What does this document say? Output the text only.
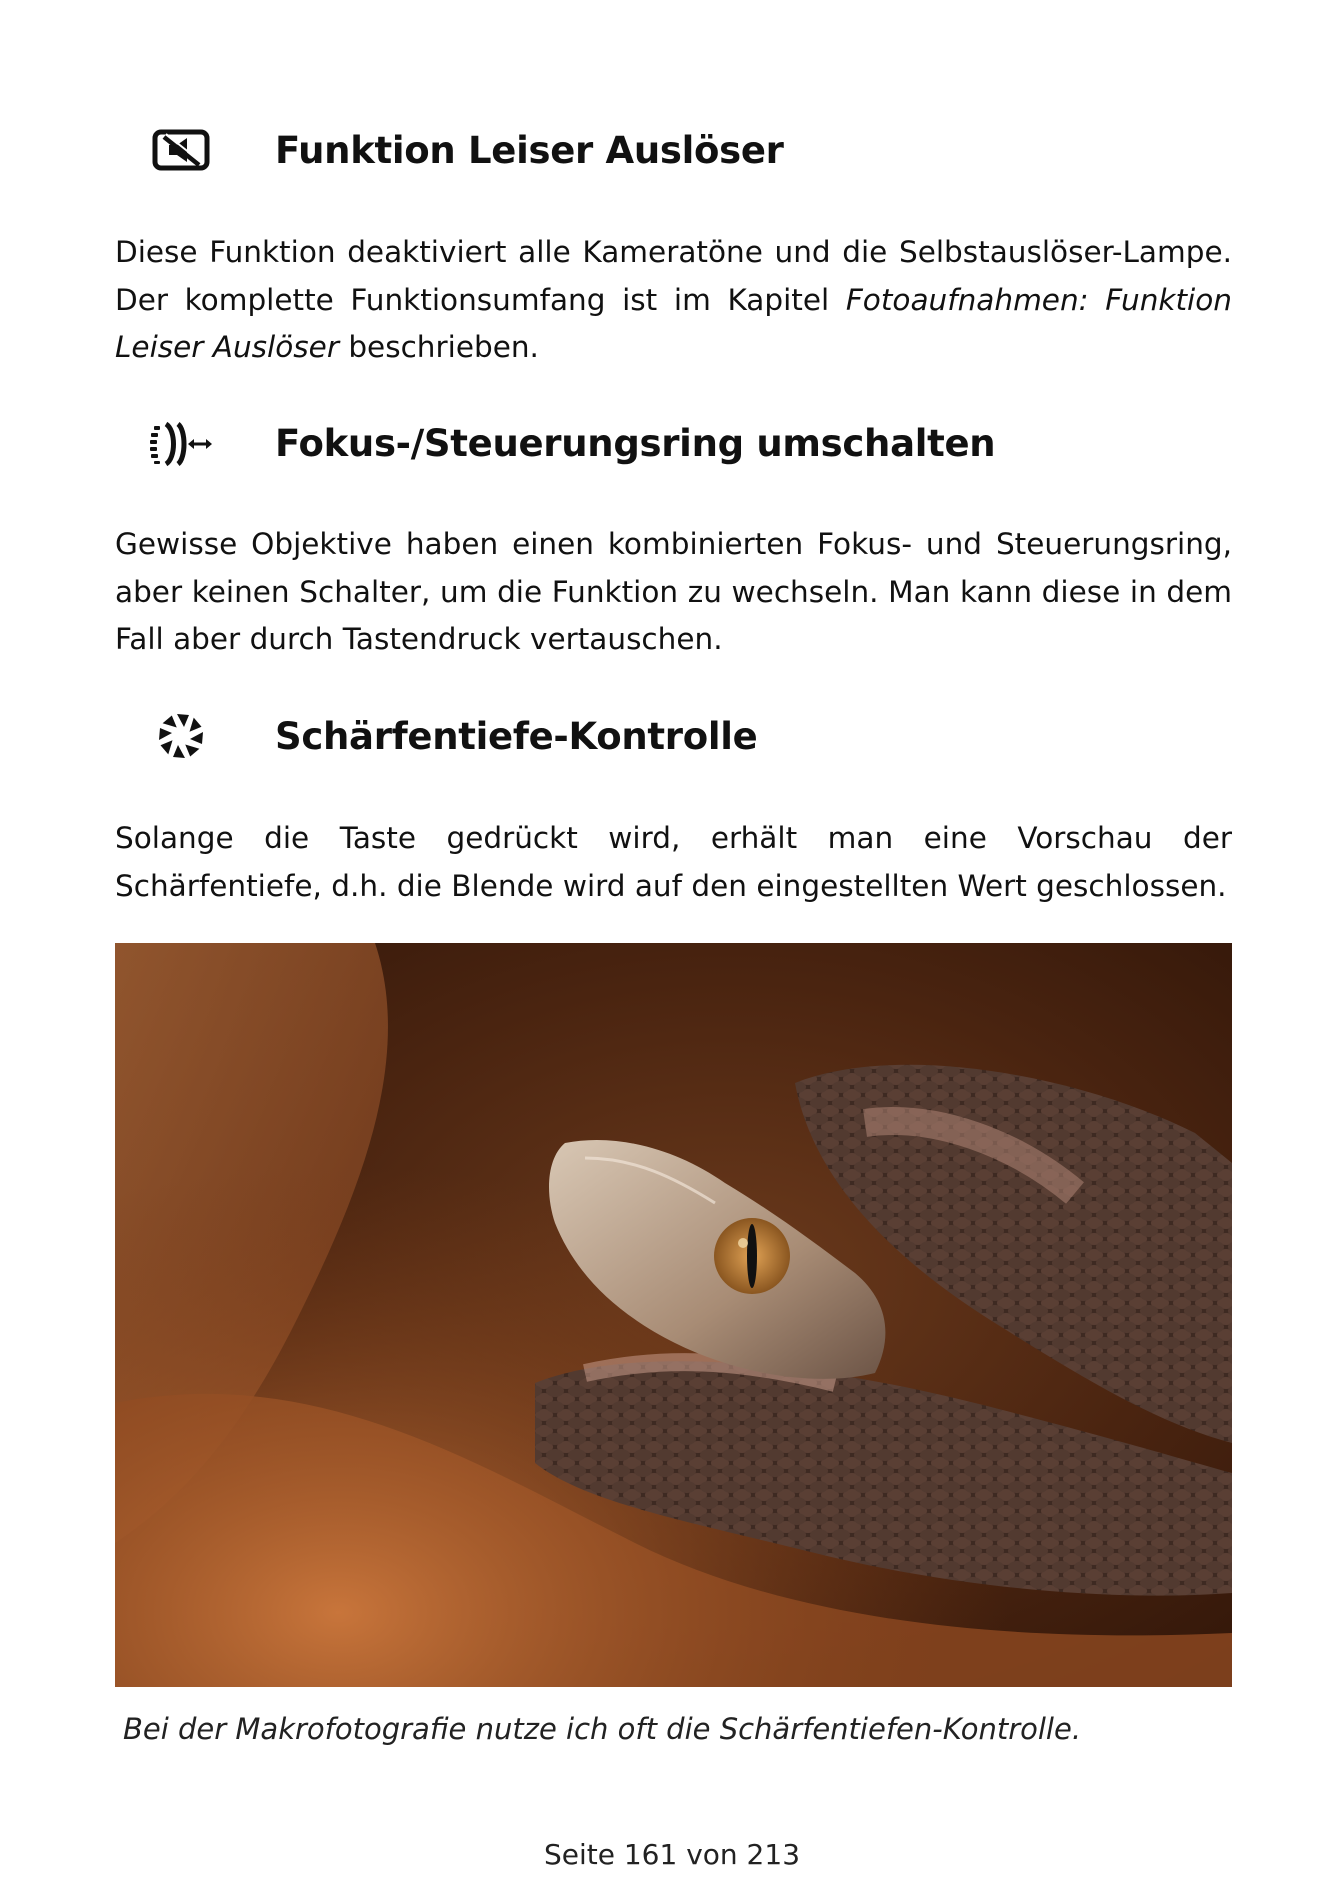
Funktion Leiser Auslöser

Diese Funktion deaktiviert alle Kameratöne und die Selbstauslöser-Lampe. Der komplette Funktionsumfang ist im Kapitel Fotoaufnahmen: Funktion Leiser Auslöser beschrieben.

Fokus-/Steuerungsring umschalten

Gewisse Objektive haben einen kombinierten Fokus- und Steuerungsring, aber keinen Schalter, um die Funktion zu wechseln. Man kann diese in dem Fall aber durch Tastendruck vertauschen.

Schärfentiefe-Kontrolle

Solange die Taste gedrückt wird, erhält man eine Vorschau der Schärfentiefe, d.h. die Blende wird auf den eingestellten Wert geschlossen.

Bei der Makrofotografie nutze ich oft die Schärfentiefen-Kontrolle.
Seite 161 von 213
